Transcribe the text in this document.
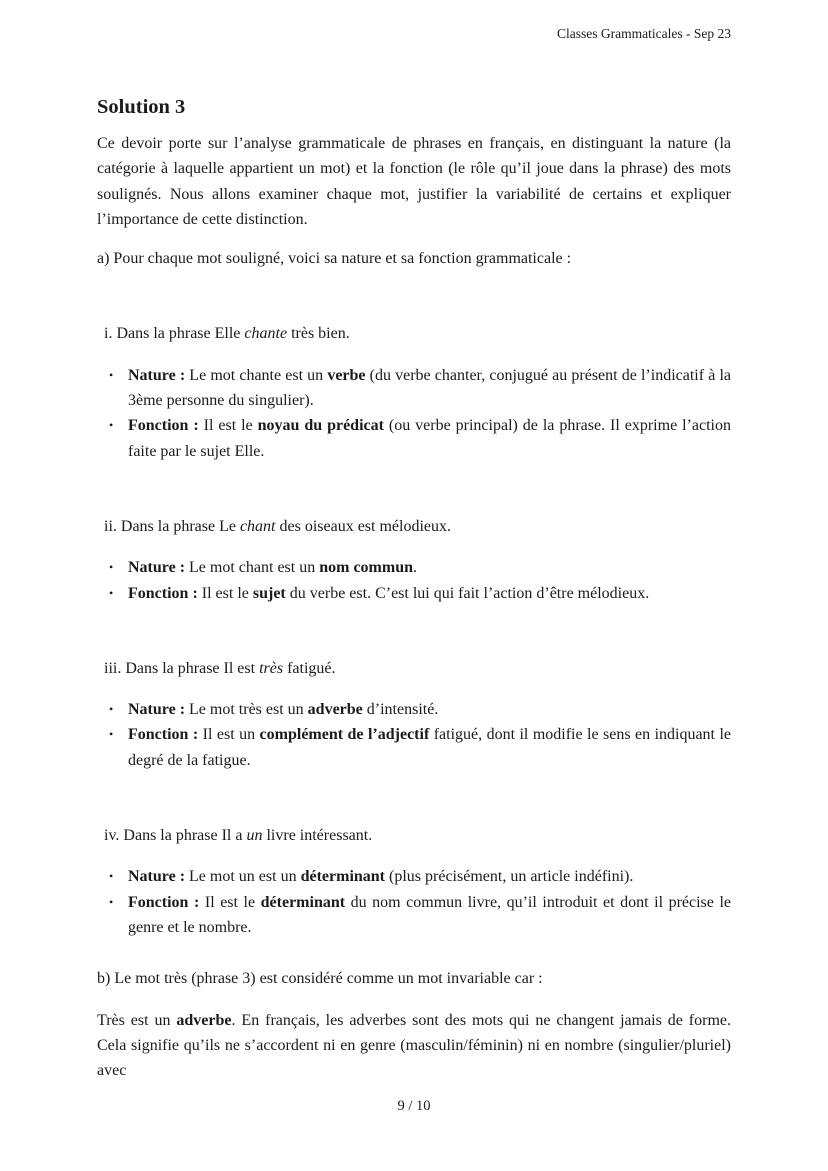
Classes Grammaticales - Sep 23
Solution 3

Ce devoir porte sur l’analyse grammaticale de phrases en français, en distinguant la nature (la catégorie à laquelle appartient un mot) et la fonction (le rôle qu’il joue dans la phrase) des mots soulignés. Nous allons examiner chaque mot, justifier la variabilité de certains et expliquer l’importance de cette distinction.

a) Pour chaque mot souligné, voici sa nature et sa fonction grammaticale :

i. Dans la phrase Elle chante très bien.

• Nature : Le mot chante est un verbe (du verbe chanter, conjugué au présent de l’indicatif à la 3ème personne du singulier).
• Fonction : Il est le noyau du prédicat (ou verbe principal) de la phrase. Il exprime l’action faite par le sujet Elle.

ii. Dans la phrase Le chant des oiseaux est mélodieux.

• Nature : Le mot chant est un nom commun.
• Fonction : Il est le sujet du verbe est. C’est lui qui fait l’action d’être mélodieux.

iii. Dans la phrase Il est très fatigué.

• Nature : Le mot très est un adverbe d’intensité.
• Fonction : Il est un complément de l’adjectif fatigué, dont il modifie le sens en indiquant le degré de la fatigue.

iv. Dans la phrase Il a un livre intéressant.

• Nature : Le mot un est un déterminant (plus précisément, un article indéfini).
• Fonction : Il est le déterminant du nom commun livre, qu’il introduit et dont il précise le genre et le nombre.

b) Le mot très (phrase 3) est considéré comme un mot invariable car :

Très est un adverbe. En français, les adverbes sont des mots qui ne changent jamais de forme. Cela signifie qu’ils ne s’accordent ni en genre (masculin/féminin) ni en nombre (singulier/pluriel) avec

9 / 10
